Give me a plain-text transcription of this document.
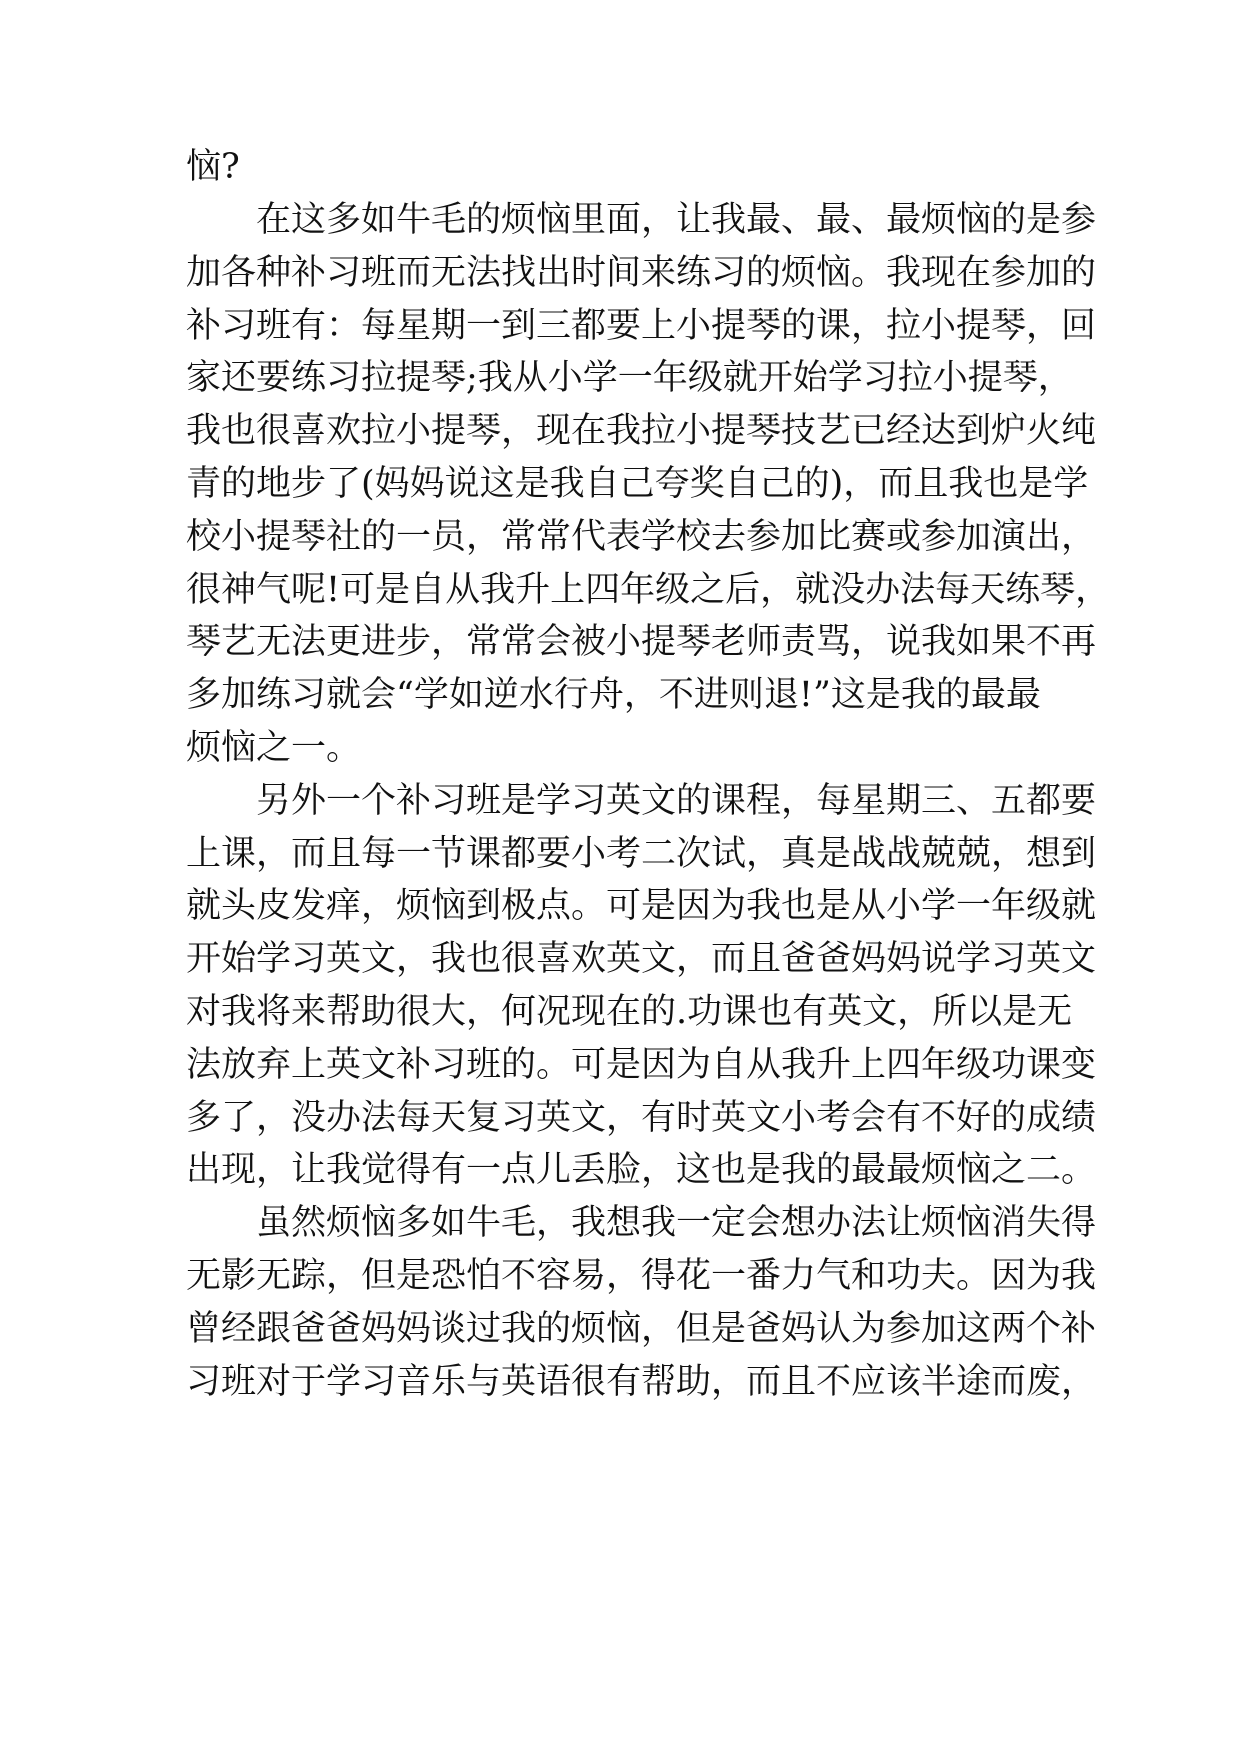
恼?
在这多如牛毛的烦恼里面，让我最、最、最烦恼的是参
加各种补习班而无法找出时间来练习的烦恼。我现在参加的
补习班有：每星期一到三都要上小提琴的课，拉小提琴，回
家还要练习拉提琴;我从小学一年级就开始学习拉小提琴，
我也很喜欢拉小提琴，现在我拉小提琴技艺已经达到炉火纯
青的地步了(妈妈说这是我自己夸奖自己的)，而且我也是学
校小提琴社的一员，常常代表学校去参加比赛或参加演出，
很神气呢!可是自从我升上四年级之后，就没办法每天练琴，
琴艺无法更进步，常常会被小提琴老师责骂，说我如果不再
多加练习就会“学如逆水行舟，不进则退!”这是我的最最
烦恼之一。
另外一个补习班是学习英文的课程，每星期三、五都要
上课，而且每一节课都要小考二次试，真是战战兢兢，想到
就头皮发痒，烦恼到极点。可是因为我也是从小学一年级就
开始学习英文，我也很喜欢英文，而且爸爸妈妈说学习英文
对我将来帮助很大，何况现在的.功课也有英文，所以是无
法放弃上英文补习班的。可是因为自从我升上四年级功课变
多了，没办法每天复习英文，有时英文小考会有不好的成绩
出现，让我觉得有一点儿丢脸，这也是我的最最烦恼之二。
虽然烦恼多如牛毛，我想我一定会想办法让烦恼消失得
无影无踪，但是恐怕不容易，得花一番力气和功夫。因为我
曾经跟爸爸妈妈谈过我的烦恼，但是爸妈认为参加这两个补
习班对于学习音乐与英语很有帮助，而且不应该半途而废，
